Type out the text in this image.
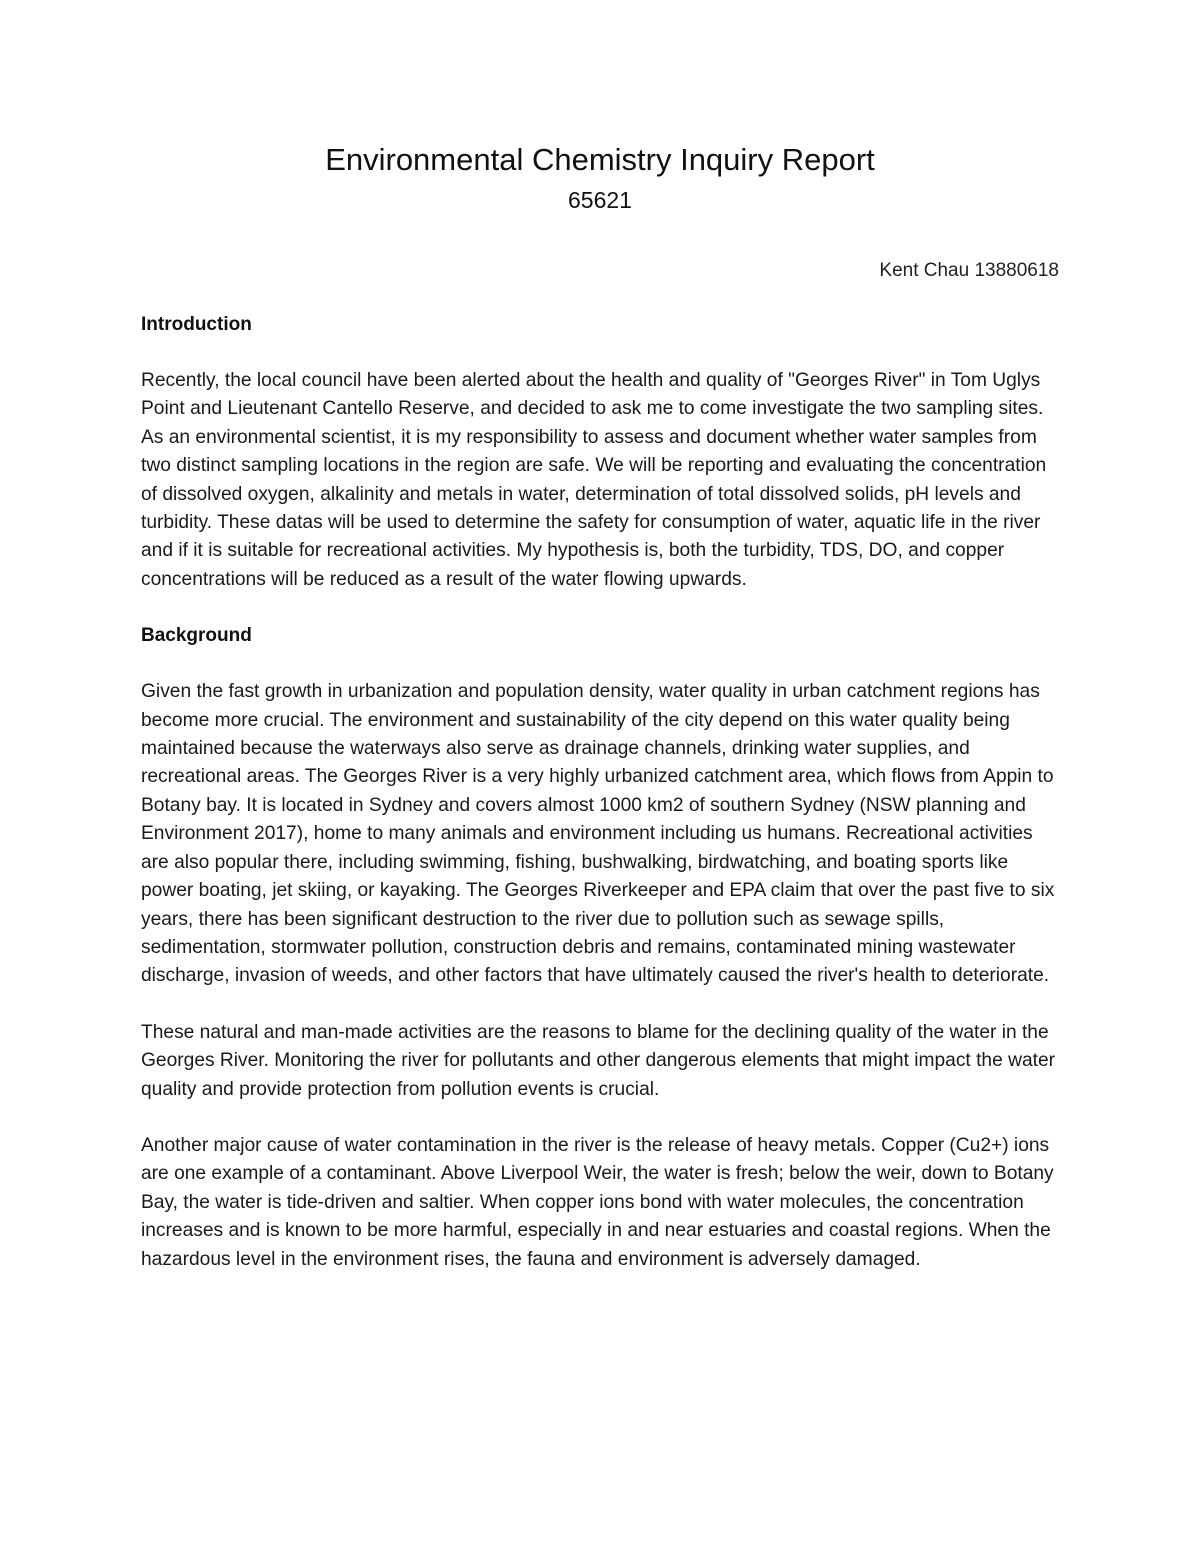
Environmental Chemistry Inquiry Report

65621

Kent Chau 13880618

Introduction

Recently, the local council have been alerted about the health and quality of "Georges River" in Tom Uglys Point and Lieutenant Cantello Reserve, and decided to ask me to come investigate the two sampling sites. As an environmental scientist, it is my responsibility to assess and document whether water samples from two distinct sampling locations in the region are safe. We will be reporting and evaluating the concentration of dissolved oxygen, alkalinity and metals in water, determination of total dissolved solids, pH levels and turbidity. These datas will be used to determine the safety for consumption of water, aquatic life in the river and if it is suitable for recreational activities. My hypothesis is, both the turbidity, TDS, DO, and copper concentrations will be reduced as a result of the water flowing upwards.

Background

Given the fast growth in urbanization and population density, water quality in urban catchment regions has become more crucial. The environment and sustainability of the city depend on this water quality being maintained because the waterways also serve as drainage channels, drinking water supplies, and recreational areas. The Georges River is a very highly urbanized catchment area, which flows from Appin to Botany bay. It is located in Sydney and covers almost 1000 km2 of southern Sydney (NSW planning and Environment 2017), home to many animals and environment including us humans. Recreational activities are also popular there, including swimming, fishing, bushwalking, birdwatching, and boating sports like power boating, jet skiing, or kayaking. The Georges Riverkeeper and EPA claim that over the past five to six years, there has been significant destruction to the river due to pollution such as sewage spills, sedimentation, stormwater pollution, construction debris and remains, contaminated mining wastewater discharge, invasion of weeds, and other factors that have ultimately caused the river's health to deteriorate.

These natural and man-made activities are the reasons to blame for the declining quality of the water in the Georges River. Monitoring the river for pollutants and other dangerous elements that might impact the water quality and provide protection from pollution events is crucial.

Another major cause of water contamination in the river is the release of heavy metals. Copper (Cu2+) ions are one example of a contaminant. Above Liverpool Weir, the water is fresh; below the weir, down to Botany Bay, the water is tide-driven and saltier. When copper ions bond with water molecules, the concentration increases and is known to be more harmful, especially in and near estuaries and coastal regions. When the hazardous level in the environment rises, the fauna and environment is adversely damaged.
